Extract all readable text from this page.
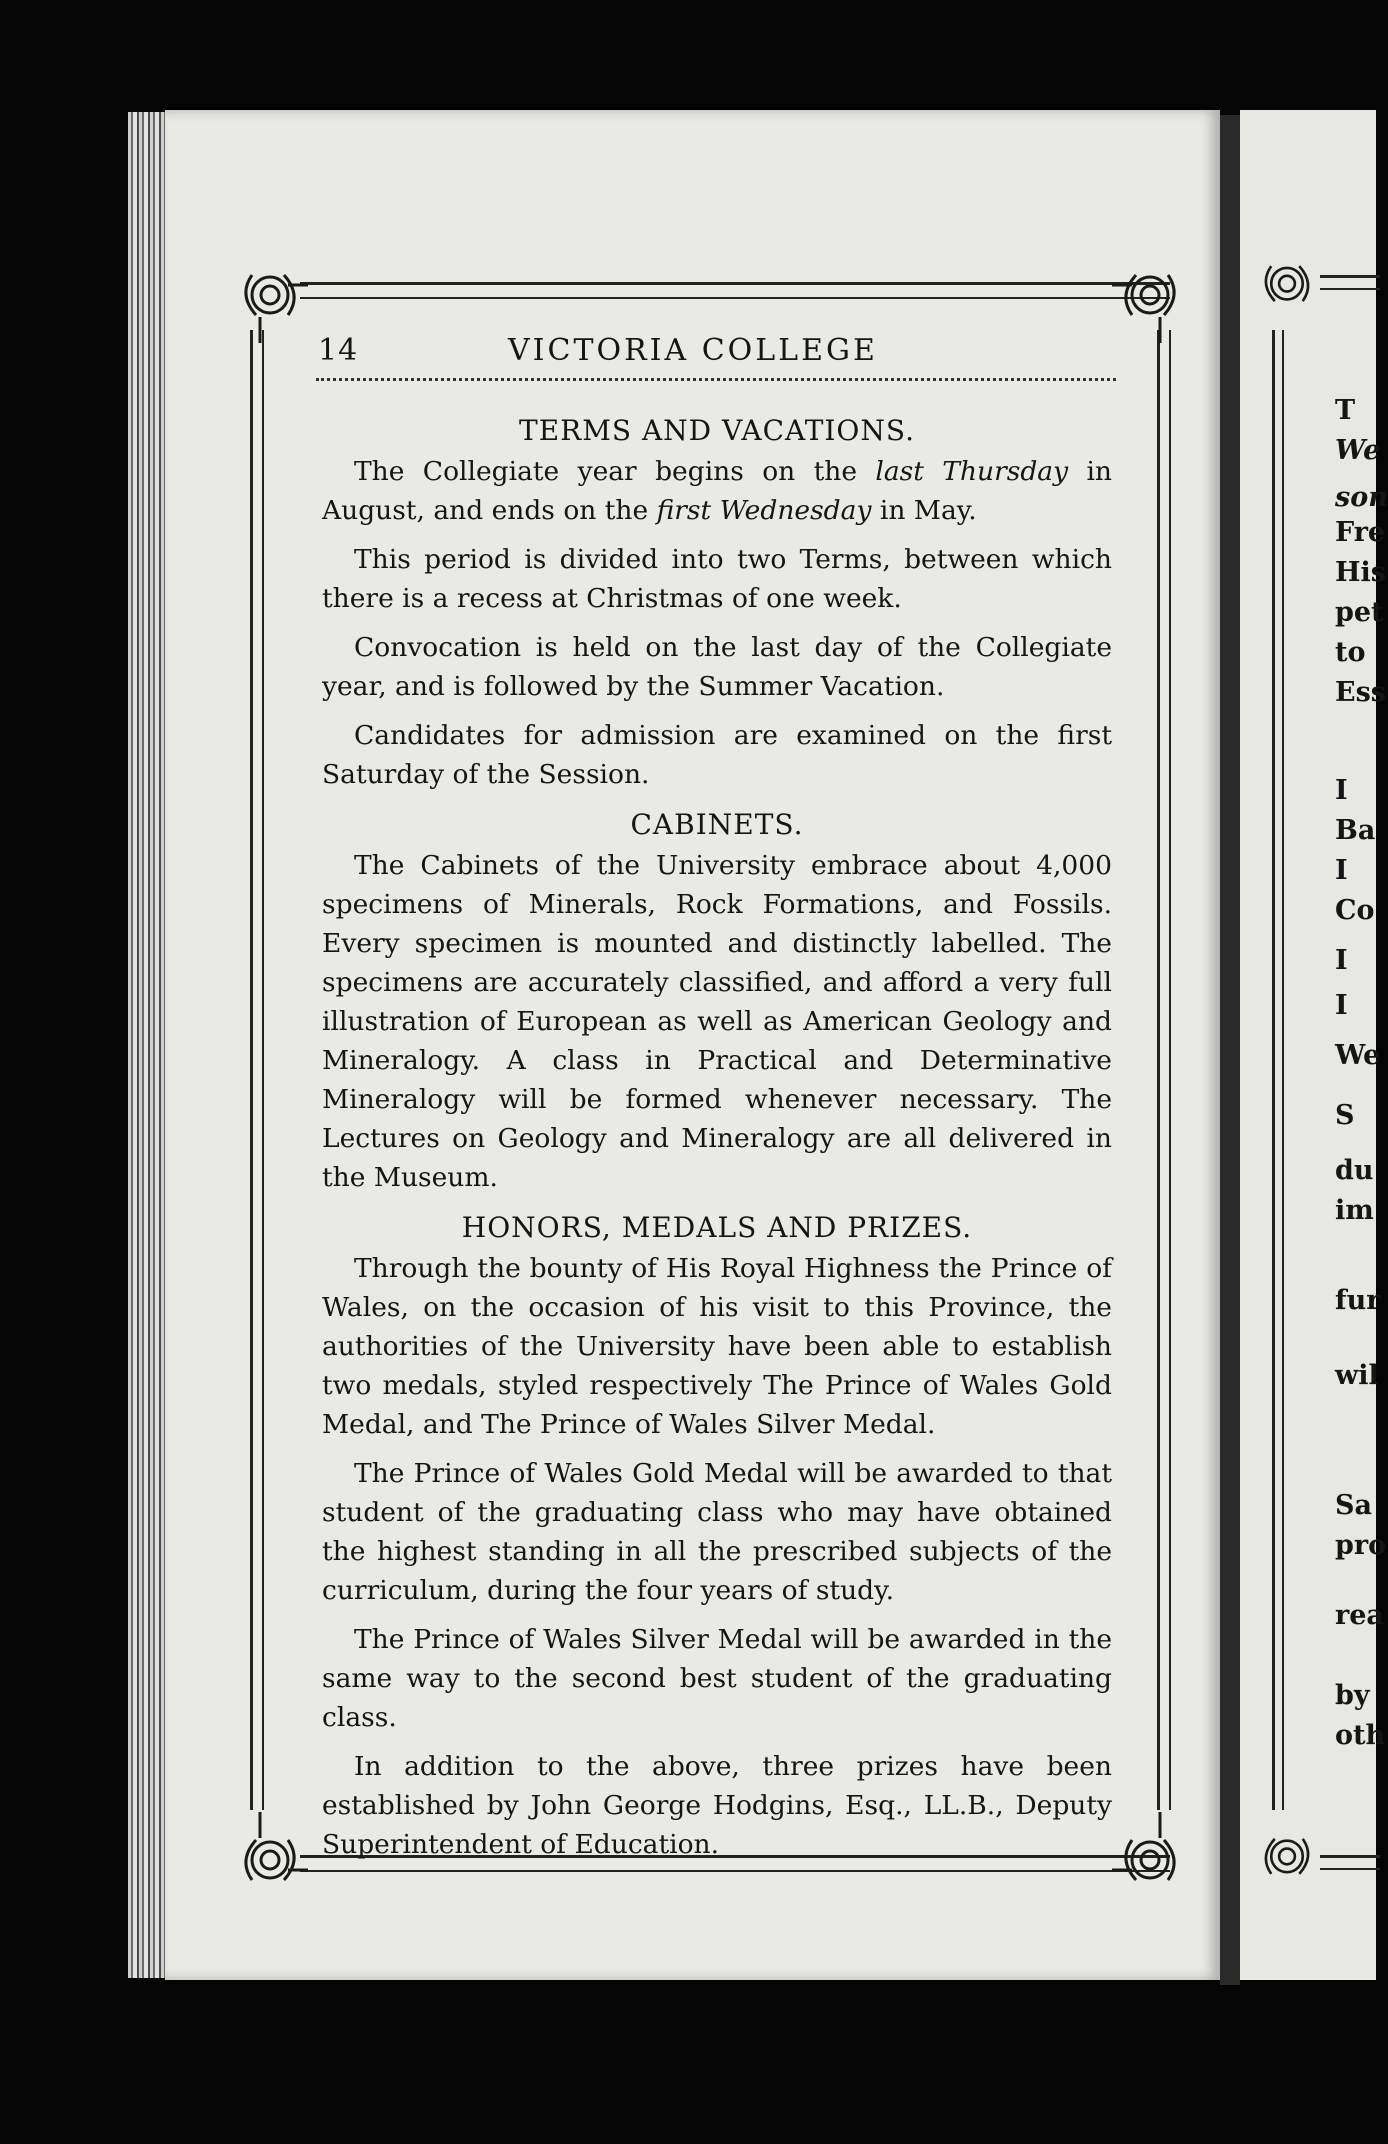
14	VICTORIA COLLEGE
TERMS AND VACATIONS.

The Collegiate year begins on the last Thursday in August, and ends on the first Wednesday in May.

This period is divided into two Terms, between which there is a recess at Christmas of one week.

Convocation is held on the last day of the Collegiate year, and is followed by the Summer Vacation.

Candidates for admission are examined on the first Saturday of the Session.

CABINETS.

The Cabinets of the University embrace about 4,000 specimens of Minerals, Rock Formations, and Fossils. Every specimen is mounted and distinctly labelled. The specimens are accurately classified, and afford a very full illustration of European as well as American Geology and Mineralogy. A class in Practical and Determinative Mineralogy will be formed whenever necessary. The Lectures on Geology and Mineralogy are all delivered in the Museum.

HONORS, MEDALS AND PRIZES.

Through the bounty of His Royal Highness the Prince of Wales, on the occasion of his visit to this Province, the authorities of the University have been able to establish two medals, styled respectively The Prince of Wales Gold Medal, and The Prince of Wales Silver Medal.

The Prince of Wales Gold Medal will be awarded to that student of the graduating class who may have obtained the highest standing in all the prescribed subjects of the curriculum, during the four years of study.

The Prince of Wales Silver Medal will be awarded in the same way to the second best student of the graduating class.

In addition to the above, three prizes have been established by John George Hodgins, Esq., LL.B., Deputy Superintendent of Education.

T
We
son
Fre
His
pet
to
Ess
I
Ba
I
Co
I
I
We
S
du
im
fur
wil
Sa
pro
rea
by
oth
